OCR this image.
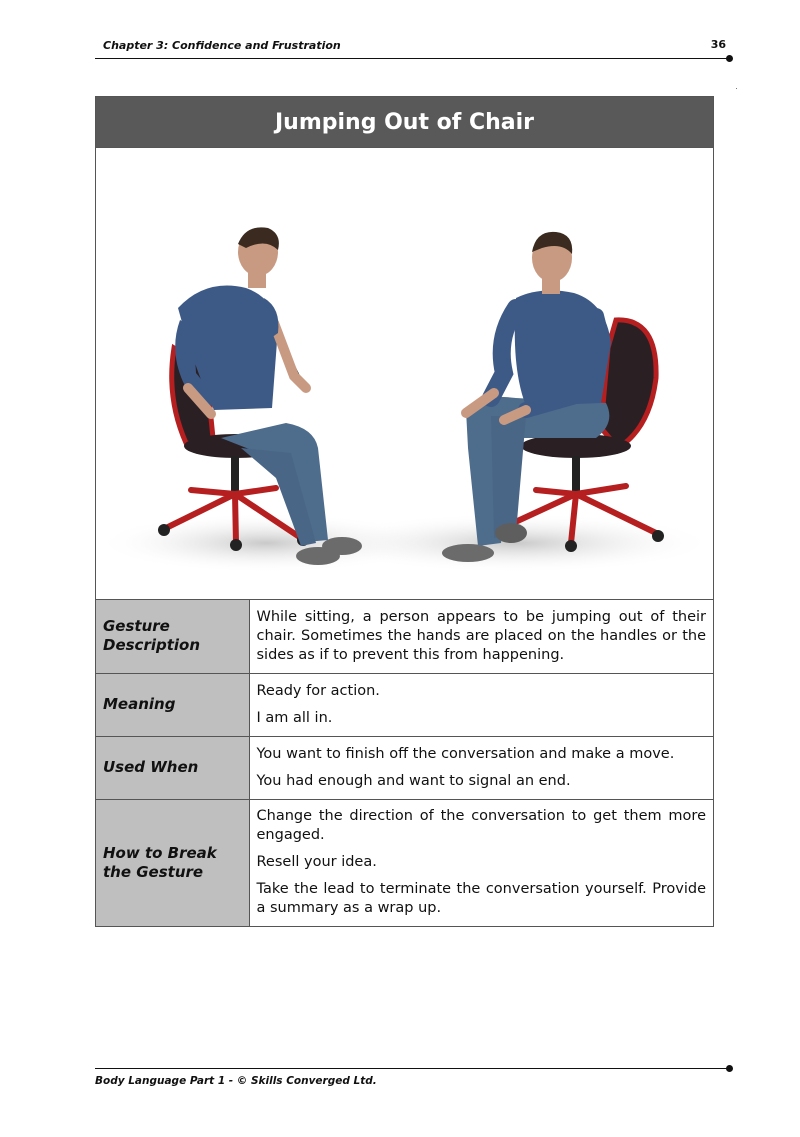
Chapter 3: Confidence and Frustration	36
Jumping Out of Chair
Gesture Description	While sitting, a person appears to be jumping out of their chair. Sometimes the hands are placed on the handles or the sides as if to prevent this from happening.

Meaning	Ready for action.

I am all in.

Used When	You want to finish off the conversation and make a move.

You had enough and want to signal an end.

How to Break the Gesture	Change the direction of the conversation to get them more engaged.

Resell your idea.

Take the lead to terminate the conversation yourself. Provide a summary as a wrap up.

Body Language Part 1 - © Skills Converged Ltd.
